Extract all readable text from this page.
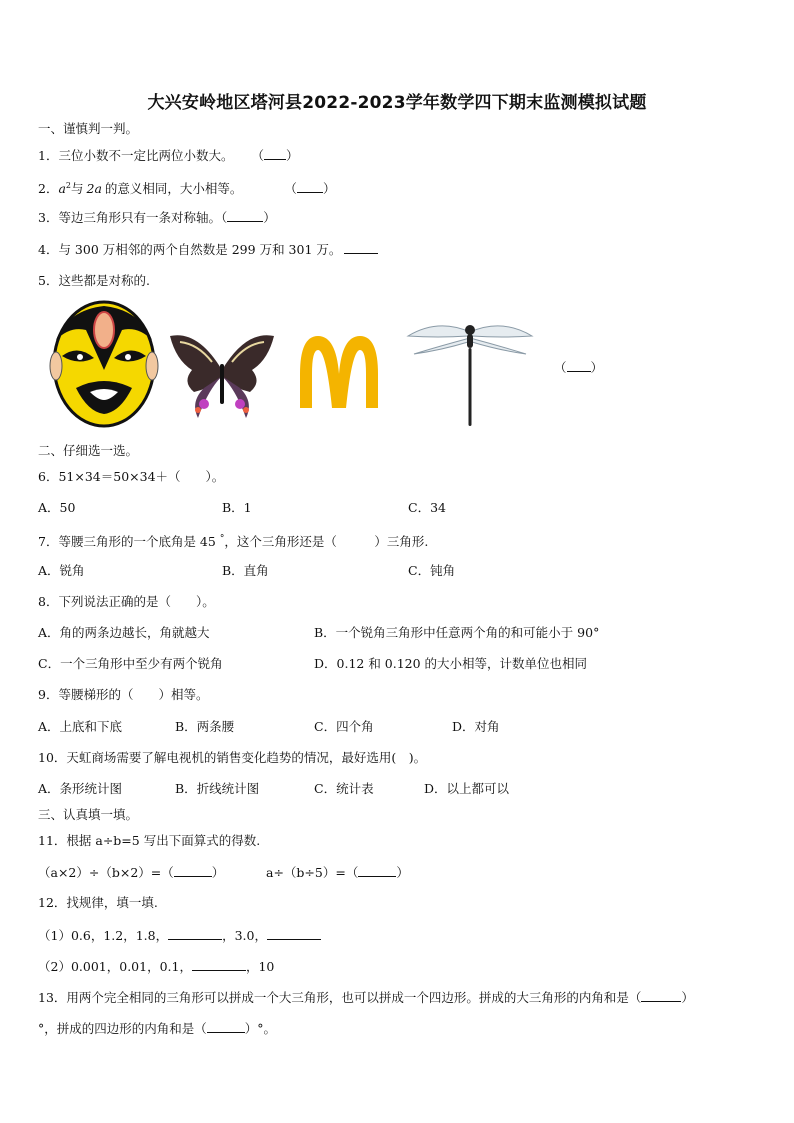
大兴安岭地区塔河县2022-2023学年数学四下期末监测模拟试题
一、谨慎判一判。
1．三位小数不一定比两位小数大。 （ ）
2．$a^2$与 2a 的意义相同，大小相等。	（ ）
3．等边三角形只有一条对称轴。（	）
4．与 300 万相邻的两个自然数是 299 万和 301 万。
5．这些都是对称的.
（ ）
二、仔细选一选。
6．51×34＝50×34＋（　　）。
A．50	B．1	C．34
7．等腰三角形的一个底角是 45 °，这个三角形还是（　　　）三角形.
A．锐角	B．直角	C．钝角
8．下列说法正确的是（　　）。
A．角的两条边越长，角就越大	B．一个锐角三角形中任意两个角的和可能小于 90°
C．一个三角形中至少有两个锐角	D．0.12 和 0.120 的大小相等，计数单位也相同
9．等腰梯形的（　　）相等。
A．上底和下底	B．两条腰	C．四个角	D．对角
10．天虹商场需要了解电视机的销售变化趋势的情况，最好选用(　)。
A．条形统计图	B．折线统计图	C．统计表	D．以上都可以
三、认真填一填。
11．根据 a÷b=5 写出下面算式的得数.
（a×2）÷（b×2）=（	）	a÷（b÷5）=（	）
12．找规律，填一填.
（1）0.6，1.2，1.8，	，3.0，
（2）0.001，0.01，0.1，	，10
13．用两个完全相同的三角形可以拼成一个大三角形，也可以拼成一个四边形。拼成的大三角形的内角和是（	）
°，拼成的四边形的内角和是（	）°。
